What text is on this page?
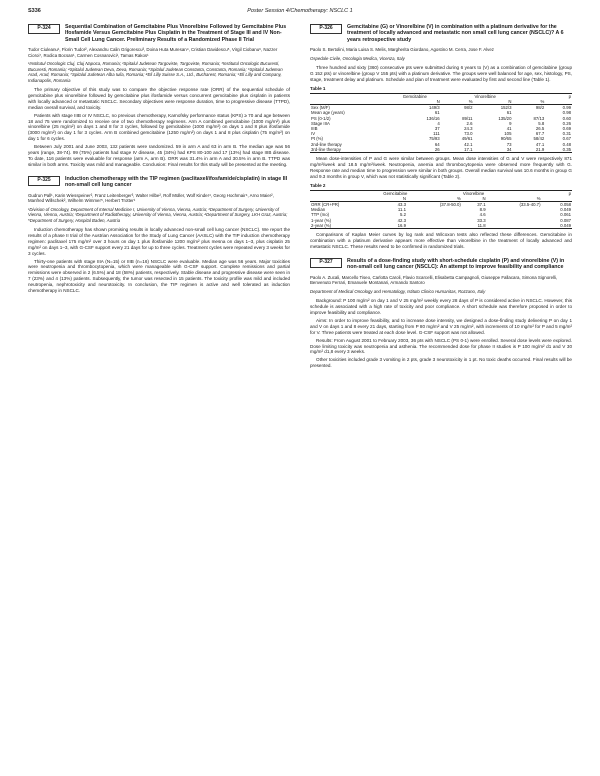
S336	Poster Session 4/Chemotherapy: NSCLC 1
P-324	Sequential Combination of Gemcitabine Plus Vinorelbine Followed by Gemcitabine Plus Ifosfamide Versus Gemcitabine Plus Cisplatin in the Treatment of Stage III and IV Non-Small Cell Lung Cancer. Preliminary Results of a Randomized Phase II Trial
Tudor Ciuleanu¹, Florin Tudor², Alexandru Calin Grigorescu³, Doina Huta Muresan⁴, Cristian Davidescu⁵, Virgil Ciobanu⁶, Nazzer Cioroi⁷, Rodica Bocsan¹, Carmen Cosnarovici¹, Tamas Rakos¹
¹Institutul Oncologic Cluj, Cluj Napoca, Romania; ²Spitalul Judetean Targoviste, Targoviste, Romania; ³Institutul Oncologic Bucuresti, Bucuresti, Romania; ⁴Spitalul Judetean Deva, Deva, Romania; ⁵Spitalul Judetean Constanta, Constanta, Romania; ⁶Spitalul Judetean Arad, Arad, Romania; ⁷Spitalul Judetean Alba Iulia, Romania; ⁸Eli Lilly Suisse S.A., Ltd., Bucharest, Romania; ⁹Eli Lilly and Company, Indianapolis, Romania

The primary objective of this study was to compare the objective response rate (ORR) of the sequential schedule of gemcitabine plus vinorelbine followed by gemcitabine plus ifosfamide versus concurrent gemcitabine plus cisplatin in patients with locally advanced or metastatic NSCLC. Secondary objectives were response duration, time to progressive disease (TTPD), median overall survival, and toxicity.

Patients with stage IIIB or IV NSCLC, no previous chemotherapy, Karnofsky performance status (KPS) ≥ 70 and age between 18 and 75 were randomized to receive one of two chemotherapy regimens. Arm A combined gemcitabine (1000 mg/m²) plus vinorelbine (25 mg/m²) on days 1 and 8 for 3 cycles, followed by gemcitabine (1000 mg/m²) on days 1 and 8 plus ifosfamide (3000 mg/m²) on day 1 for 3 cycles. Arm B combined gemcitabine (1250 mg/m²) on days 1 and 8 plus cisplatin (75 mg/m²) on day 1 for 6 cycles.

Between July 2001 and June 2003, 132 patients were randomized. 59 in arm A and 63 in arm B. The median age was 56 years (range, 38-74). 99 (75%) patients had stage IV disease, 45 (34%) had KPS 80-100 and 17 (13%) had stage IIIB disease. To date, 116 patients were evaluable for response (arm A, arm B). ORR was 31.4% in arm A and 30.5% in arm B. TTPD was similar in both arms. Toxicity was mild and manageable. Conclusion: Final results for this study will be presented at the meeting.

P-325	Induction chemotherapy with the TIP regimen (paclitaxel/ifosfamide/cisplatin) in stage III non-small cell lung cancer
Gudrun Pall¹, Karin Wiesspeiner², Franz Leitenberger³, Walter Hilbe², Rolf Müller, Wolf Kinder⁴, Georg Hochmair⁴, Arno Maier², Manfred Willschek², Wilhelm Wimmer⁵, Herbert Trotter¹
¹Division of Oncology, Department of Internal Medicine I, University of Vienna, Vienna, Austria; ²Department of Surgery, University of Vienna, Vienna, Austria; ³Department of Radiotherapy, University of Vienna, Vienna, Austria; ⁴Department of Surgery, LKH Graz, Austria; ⁵Department of Surgery, Hospital Baden, Austria

Induction chemotherapy has shown promising results in locally advanced non-small cell lung cancer (NSCLC). We report the results of a phase II trial of the Austrian Association for the Study of Lung Cancer (AASLC) with the TIP induction chemotherapy regimen: paclitaxel 175 mg/m² over 3 hours on day 1 plus ifosfamide 1200 mg/m² plus mesna on days 1–3, plus cisplatin 25 mg/m² on days 1–3, with G-CSF support every 21 days for up to three cycles. Treatment cycles were repeated every 3 weeks for 3 cycles.

Thirty-one patients with stage IIIA (N=15) or IIIB (n=16) NSCLC were evaluable. Median age was 56 years. Major toxicities were neutropenia and thrombocytopenia, which were manageable with G-CSF support. Complete remissions and partial remissions were observed in 2 (6.5%) and 18 (58%) patients, respectively. Stable disease and progressive disease were seen in 7 (23%) and 4 (13%) patients. Subsequently, the tumor was resected in 15 patients. The toxicity profile was mild and included neutropenia, nephrotoxicity and neurotoxicity. In conclusion, the TIP regimen is active and well tolerated as induction chemotherapy in NSCLC.

P-326	Gemcitabine (G) or Vinorelbine (V) in combination with a platinum derivative for the treatment of locally advanced and metastatic non small cell lung cancer (NSCLC)? A 6 years retrospective study
Paolo S. Bertolini, Maria Luisa S. Melis, Margherita Giordano, Agostino M. Cerra, Jose F. Alvez
Ospedale Civile, Oncologia Medica, Vicenza, Italy

Three hundred and sixty (360) consecutive pts were submitted during 6 years to (V) as a combination of gemcitabine (group G 152 pts) or vinorelbine (group V 155 pts) with a platinum derivative. The groups were well balanced for age, sex, histology, PS, stage, treatment delay and platinum. Schedule and plan of treatment were evaluated by first and second line (Table 1).

Table 1
	Gemcitabine		Vinorelbine		p
	N	%	N	%	
Sex (M/F)	149/3	98/2	152/3	98/2	0.99
Mean age (years)	61		61		0.98
PS (0-1/2)	136/16	89/11	135/20	87/13	0.60
Stage IIIA	4	2.6	9	5.8	0.26
IIIB	37	24.3	41	26.5	0.69
IV	111	73.0	105	67.7	0.31
Pt (%)	75/93	49/61	90/65	58/42	0.67
2nd-line therapy	64	42.1	73	47.1	0.48
3rd-line therapy	26	17.1	34	21.9	0.35

Mean dose-intensities of P and G were similar between groups. Mean dose intensities of G and V were respectively 871 mg/m²/week and 18.5 mg/m²/week. Neutropenia, anemia and thrombocytopenia were observed more frequently with G. Response rate and median time to progression were similar in both groups. Overall median survival was 10.6 months in group G and 9.3 months in group V, which was not statistically significant (Table 2).

Table 2
	Gemcitabine		Vinorelbine		p
	N	%	N	%	
ORR (CR+PR)	43.3	(37.8-50.0)	37.1	(33.5-40.7)	0.058
Median	11.1		8.9		0.049
TTP (mo)	5.2		4.6		0.061
1-year (%)	42.3		33.3		0.087
2-year (%)	16.9		11.8		0.049

Comparisons of Kaplan Meier curves by log rank and Wilcoxon tests also reflected these differences. Gemcitabine in combination with a platinum derivative appears more effective than vinorelbine in the treatment of locally advanced and metastatic NSCLC. These results need to be confirmed in randomized trials.

P-327	Results of a dose-finding study with short-schedule cisplatin (P) and vinorelbine (V) in non-small cell lung cancer (NSCLC): An attempt to improve feasibility and compliance
Paolo A. Zucali, Marcello Tiseo, Carlotta Caroli, Flavio Scarcelli, Elisabetta Campagnoli, Giuseppe Fallacara, Simona Signorelli, Benvenuto Ferrari, Emanuele Montanari, Armando Santoro
Department of Medical Oncology and Hematology, Istituto Clinico Humanitas, Rozzano, Italy

Background: P 100 mg/m² on day 1 and V 25 mg/m² weekly every 28 days of P is considered active in NSCLC. However, this schedule is associated with a high rate of toxicity and poor compliance. A short schedule was therefore proposed in order to improve feasibility and compliance.

Aims: In order to improve feasibility, and to increase dose intensity, we designed a dose-finding study delivering P on day 1 and V on days 1 and 8 every 21 days, starting from P 80 mg/m² and V 25 mg/m², with increments of 10 mg/m² for P and 5 mg/m² for V. Three patients were treated at each dose level. G-CSF support was not allowed.

Results: From August 2001 to February 2003, 36 pts with NSCLC (PS 0-1) were enrolled. Several dose levels were explored. Dose limiting toxicity was neutropenia and asthenia. The recommended dose for phase II studies is P 100 mg/m² d1 and V 30 mg/m² d1,8 every 3 weeks.

Other toxicities included grade 3 vomiting in 2 pts, grade 3 neurotoxicity in 1 pt. No toxic deaths occurred. Final results will be presented.
